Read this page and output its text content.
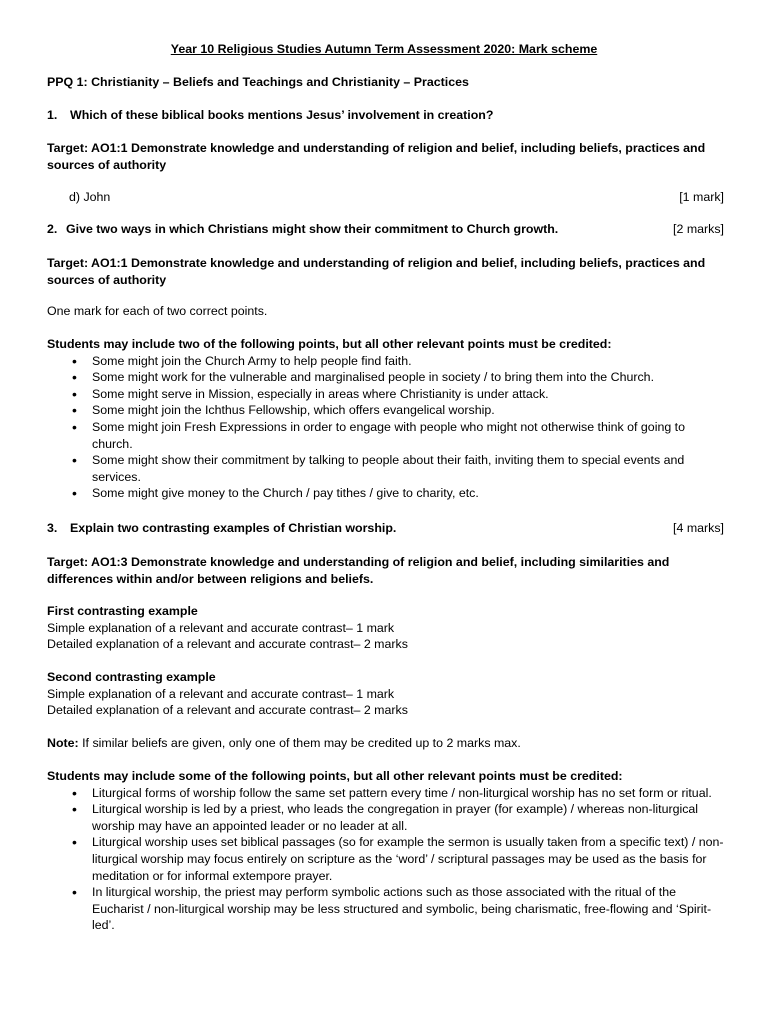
Year 10 Religious Studies Autumn Term Assessment 2020: Mark scheme
PPQ 1: Christianity – Beliefs and Teachings and Christianity – Practices
1. Which of these biblical books mentions Jesus’ involvement in creation?
Target: AO1:1 Demonstrate knowledge and understanding of religion and belief, including beliefs, practices and sources of authority
d) John	[1 mark]
2. Give two ways in which Christians might show their commitment to Church growth.	[2 marks]
Target: AO1:1 Demonstrate knowledge and understanding of religion and belief, including beliefs, practices and sources of authority
One mark for each of two correct points.
Students may include two of the following points, but all other relevant points must be credited:
• Some might join the Church Army to help people find faith.
• Some might work for the vulnerable and marginalised people in society / to bring them into the Church.
• Some might serve in Mission, especially in areas where Christianity is under attack.
• Some might join the Ichthus Fellowship, which offers evangelical worship.
• Some might join Fresh Expressions in order to engage with people who might not otherwise think of going to church.
• Some might show their commitment by talking to people about their faith, inviting them to special events and services.
• Some might give money to the Church / pay tithes / give to charity, etc.
3. Explain two contrasting examples of Christian worship.	[4 marks]
Target: AO1:3 Demonstrate knowledge and understanding of religion and belief, including similarities and differences within and/or between religions and beliefs.
First contrasting example
Simple explanation of a relevant and accurate contrast– 1 mark
Detailed explanation of a relevant and accurate contrast– 2 marks
Second contrasting example
Simple explanation of a relevant and accurate contrast– 1 mark
Detailed explanation of a relevant and accurate contrast– 2 marks
Note: If similar beliefs are given, only one of them may be credited up to 2 marks max.
Students may include some of the following points, but all other relevant points must be credited:
• Liturgical forms of worship follow the same set pattern every time / non-liturgical worship has no set form or ritual.
• Liturgical worship is led by a priest, who leads the congregation in prayer (for example) / whereas non-liturgical worship may have an appointed leader or no leader at all.
• Liturgical worship uses set biblical passages (so for example the sermon is usually taken from a specific text) / non-liturgical worship may focus entirely on scripture as the ‘word’ / scriptural passages may be used as the basis for meditation or for informal extempore prayer.
• In liturgical worship, the priest may perform symbolic actions such as those associated with the ritual of the Eucharist / non-liturgical worship may be less structured and symbolic, being charismatic, free-flowing and ‘Spirit-led’.
